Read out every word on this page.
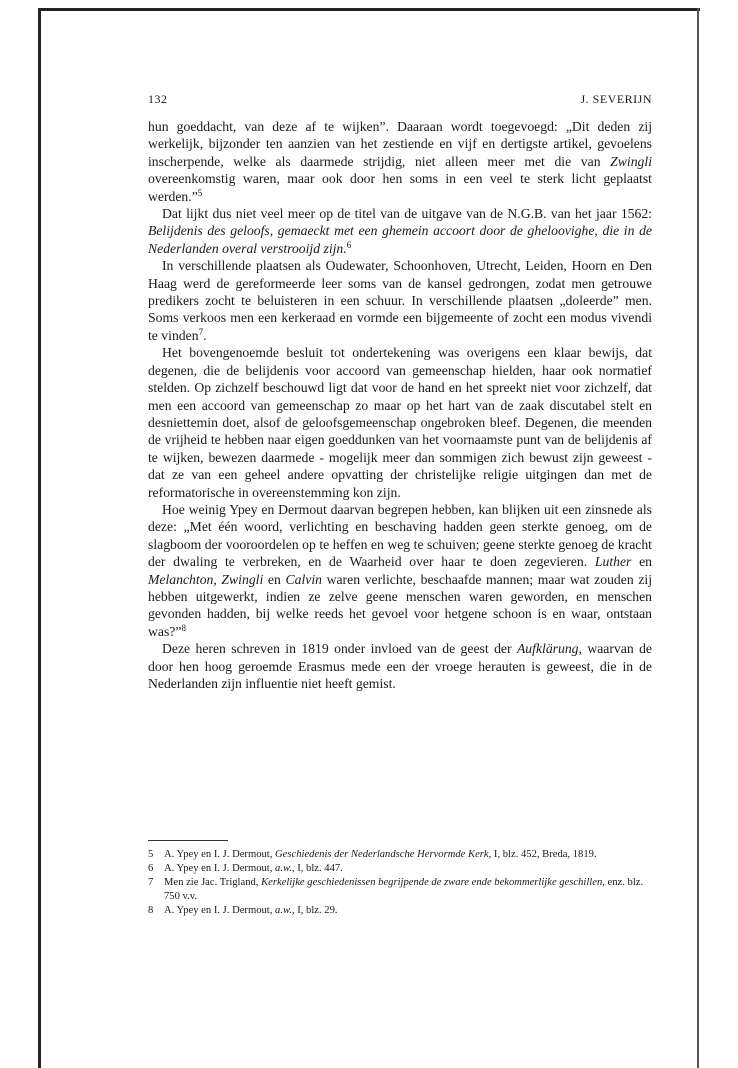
132	J. SEVERIJN

hun goeddacht, van deze af te wijken”. Daaraan wordt toegevoegd: „Dit deden zij werkelijk, bijzonder ten aanzien van het zestiende en vijf en dertigste artikel, gevoelens inscherpende, welke als daarmede strijdig, niet alleen meer met die van Zwingli overeenkomstig waren, maar ook door hen soms in een veel te sterk licht geplaatst werden.”$^5$

Dat lijkt dus niet veel meer op de titel van de uitgave van de N.G.B. van het jaar 1562: Belijdenis des geloofs, gemaeckt met een ghemein accoort door de gheloovighe, die in de Nederlanden overal verstrooijd zijn.$^6$

In verschillende plaatsen als Oudewater, Schoonhoven, Utrecht, Leiden, Hoorn en Den Haag werd de gereformeerde leer soms van de kansel gedrongen, zodat men getrouwe predikers zocht te beluisteren in een schuur. In verschillende plaatsen „doleerde” men. Soms verkoos men een kerkeraad en vormde een bijgemeente of zocht een modus vivendi te vinden$^7$.

Het bovengenoemde besluit tot ondertekening was overigens een klaar bewijs, dat degenen, die de belijdenis voor accoord van gemeenschap hielden, haar ook normatief stelden. Op zichzelf beschouwd ligt dat voor de hand en het spreekt niet voor zichzelf, dat men een accoord van gemeenschap zo maar op het hart van de zaak discutabel stelt en desniettemin doet, alsof de geloofsgemeenschap ongebroken bleef. Degenen, die meenden de vrijheid te hebben naar eigen goeddunken van het voornaamste punt van de belijdenis af te wijken, bewezen daarmede - mogelijk meer dan sommigen zich bewust zijn geweest - dat ze van een geheel andere opvatting der christelijke religie uitgingen dan met de reformatorische in overeenstemming kon zijn.

Hoe weinig Ypey en Dermout daarvan begrepen hebben, kan blijken uit een zinsnede als deze: „Met één woord, verlichting en beschaving hadden geen sterkte genoeg, om de slagboom der vooroordelen op te heffen en weg te schuiven; geene sterkte genoeg de kracht der dwaling te verbreken, en de Waarheid over haar te doen zegevieren. Luther en Melanchton, Zwingli en Calvin waren verlichte, beschaafde mannen; maar wat zouden zij hebben uitgewerkt, indien ze zelve geene menschen waren geworden, en menschen gevonden hadden, bij welke reeds het gevoel voor hetgene schoon is en waar, ontstaan was?”$^8$

Deze heren schreven in 1819 onder invloed van de geest der Aufklärung, waarvan de door hen hoog geroemde Erasmus mede een der vroege herauten is geweest, die in de Nederlanden zijn influentie niet heeft gemist.

5 A. Ypey en I. J. Dermout, Geschiedenis der Nederlandsche Hervormde Kerk, I, blz. 452, Breda, 1819.
6 A. Ypey en I. J. Dermout, a.w., I, blz. 447.
7 Men zie Jac. Trigland, Kerkelijke geschiedenissen begrijpende de zware ende bekommerlijke geschillen, enz. blz. 750 v.v.
8 A. Ypey en I. J. Dermout, a.w., I, blz. 29.
